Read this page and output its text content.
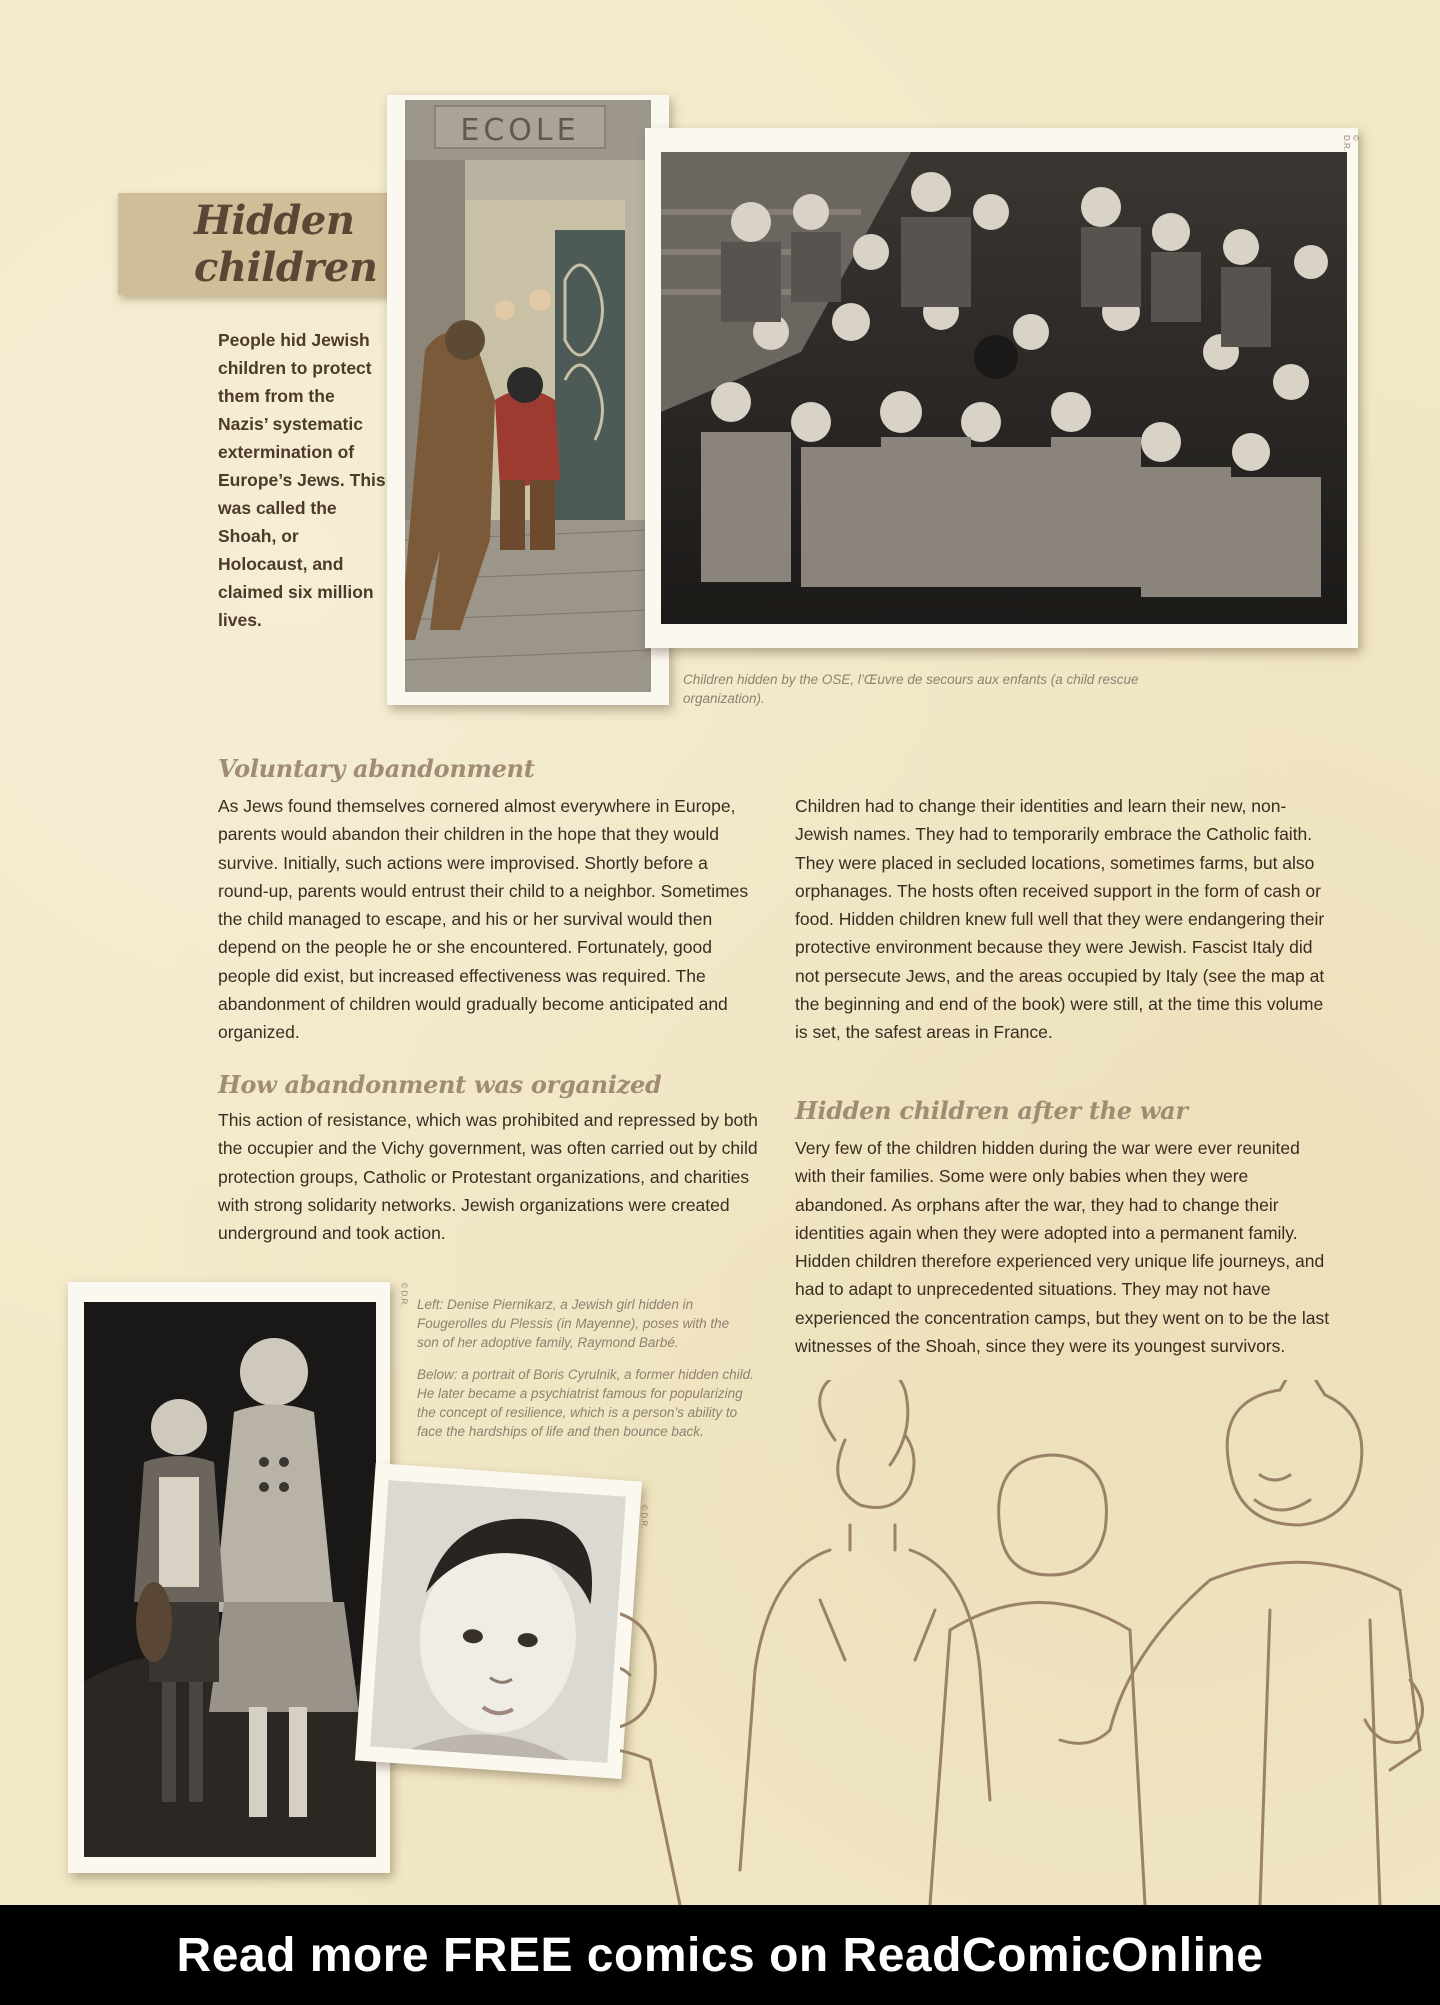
Hidden children
People hid Jewish children to protect them from the Nazis’ systematic extermination of Europe’s Jews. This was called the Shoah, or Holocaust, and claimed six million lives.
ECOLE	© D.R.
Children hidden by the OSE, l’Œuvre de secours aux enfants (a child rescue organization).
Voluntary abandonment

As Jews found themselves cornered almost everywhere in Europe, parents would abandon their children in the hope that they would survive. Initially, such actions were improvised. Shortly before a round-up, parents would entrust their child to a neighbor. Sometimes the child managed to escape, and his or her survival would then depend on the people he or she encountered. Fortunately, good people did exist, but increased effectiveness was required. The abandonment of children would gradually become anticipated and organized.

How abandonment was organized

This action of resistance, which was prohibited and repressed by both the occupier and the Vichy government, was often carried out by child protection groups, Catholic or Protestant organizations, and charities with strong solidarity networks. Jewish organizations were created underground and took action.

Children had to change their identities and learn their new, non-Jewish names. They had to temporarily embrace the Catholic faith. They were placed in secluded locations, sometimes farms, but also orphanages. The hosts often received support in the form of cash or food. Hidden children knew full well that they were endangering their protective environment because they were Jewish. Fascist Italy did not persecute Jews, and the areas occupied by Italy (see the map at the beginning and end of the book) were still, at the time this volume is set, the safest areas in France.

Hidden children after the war

Very few of the children hidden during the war were ever reunited with their families. Some were only babies when they were abandoned. As orphans after the war, they had to change their identities again when they were adopted into a permanent family. Hidden children therefore experienced very unique life journeys, and had to adapt to unprecedented situations. They may not have experienced the concentration camps, but they went on to be the last witnesses of the Shoah, since they were its youngest survivors.

© D.R. Left: Denise Piernikarz, a Jewish girl hidden in Fougerolles du Plessis (in Mayenne), poses with the son of her adoptive family, Raymond Barbé.
Below: a portrait of Boris Cyrulnik, a former hidden child. He later became a psychiatrist famous for popularizing the concept of resilience, which is a person’s ability to face the hardships of life and then bounce back.
© D.R.
Read more FREE comics on ReadComicOnline
